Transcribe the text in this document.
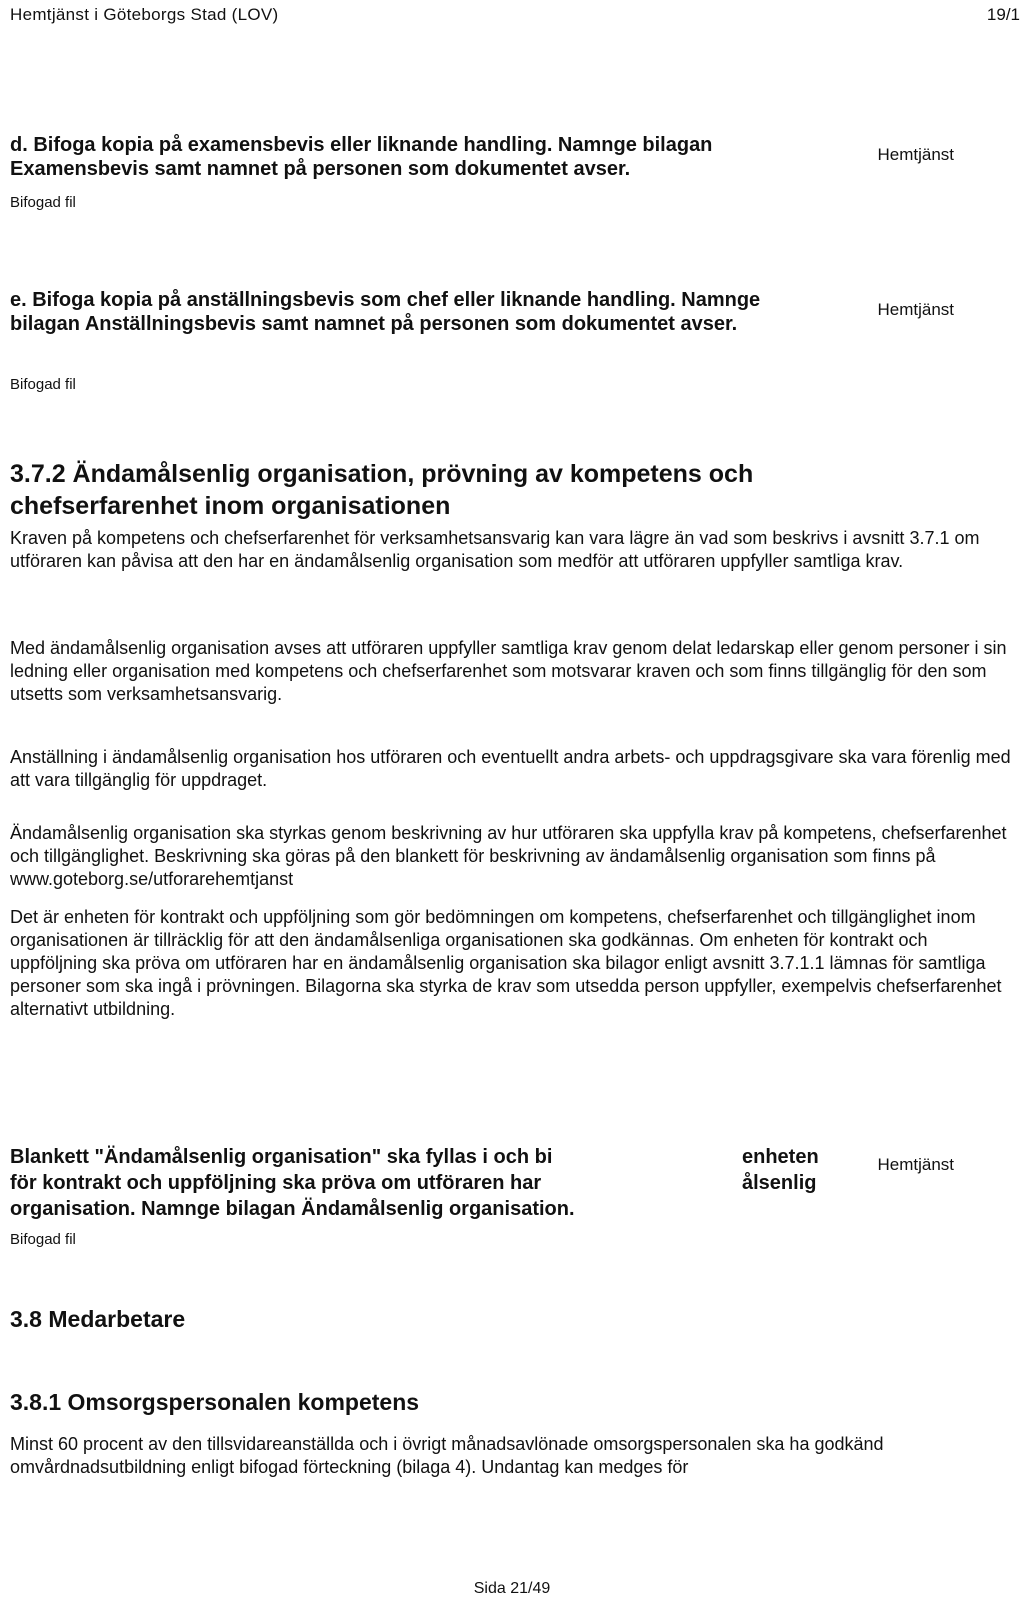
Hemtjänst i Göteborgs Stad (LOV)	19/1
d. Bifoga kopia på examensbevis eller liknande handling. Namnge bilagan Examensbevis samt namnet på personen som dokumentet avser.
Bifogad fil
Hemtjänst
e. Bifoga kopia på anställningsbevis som chef eller liknande handling. Namnge bilagan Anställningsbevis samt namnet på personen som dokumentet avser.
Bifogad fil
Hemtjänst
3.7.2 Ändamålsenlig organisation, prövning av kompetens och chefserfarenhet inom organisationen
Kraven på kompetens och chefserfarenhet för verksamhetsansvarig kan vara lägre än vad som beskrivs i avsnitt 3.7.1 om utföraren kan påvisa att den har en ändamålsenlig organisation som medför att utföraren uppfyller samtliga krav.
Med ändamålsenlig organisation avses att utföraren uppfyller samtliga krav genom delat ledarskap eller genom personer i sin ledning eller organisation med kompetens och chefserfarenhet som motsvarar kraven och som finns tillgänglig för den som utsetts som verksamhetsansvarig.
Anställning i ändamålsenlig organisation hos utföraren och eventuellt andra arbets- och uppdragsgivare ska vara förenlig med att vara tillgänglig för uppdraget.
Ändamålsenlig organisation ska styrkas genom beskrivning av hur utföraren ska uppfylla krav på kompetens, chefserfarenhet och tillgänglighet. Beskrivning ska göras på den blankett för beskrivning av ändamålsenlig organisation som finns på www.goteborg.se/utforarehemtjanst
Det är enheten för kontrakt och uppföljning som gör bedömningen om kompetens, chefserfarenhet och tillgänglighet inom organisationen är tillräcklig för att den ändamålsenliga organisationen ska godkännas. Om enheten för kontrakt och uppföljning ska pröva om utföraren har en ändamålsenlig organisation ska bilagor enligt avsnitt 3.7.1.1 lämnas för samtliga personer som ska ingå i prövningen. Bilagorna ska styrka de krav som utsedda person uppfyller, exempelvis chefserfarenhet alternativt utbildning.
Blankett "Ändamålsenlig organisation" ska fyllas i och bi
för kontrakt och uppföljning ska pröva om utföraren har
organisation. Namnge bilagan Ändamålsenlig organisation.
enheten
ålsenlig
Hemtjänst
Bifogad fil
3.8 Medarbetare
3.8.1 Omsorgspersonalen kompetens
Minst 60 procent av den tillsvidareanställda och i övrigt månadsavlönade omsorgspersonalen ska ha godkänd omvårdnadsutbildning enligt bifogad förteckning (bilaga 4). Undantag kan medges för
Sida 21/49
